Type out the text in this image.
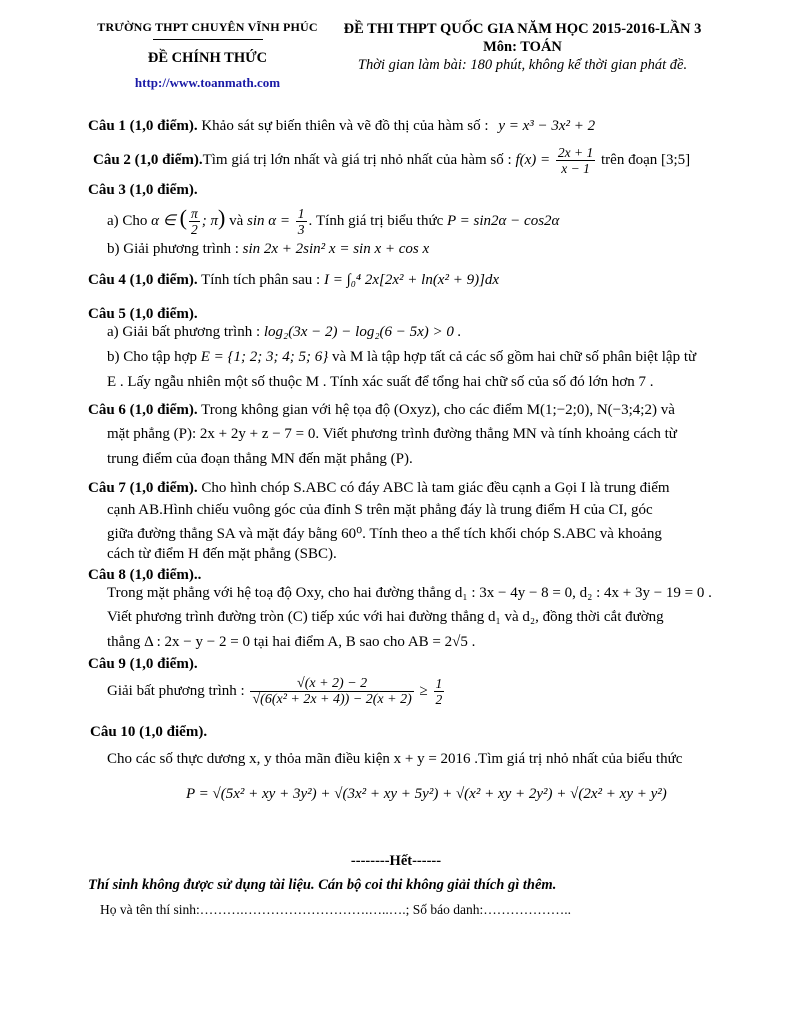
TRƯỜNG THPT CHUYÊN VĨNH PHÚC
ĐỀ CHÍNH THỨC
http://www.toanmath.com
ĐỀ THI THPT QUỐC GIA NĂM HỌC 2015-2016-LẦN 3
Môn: TOÁN
Thời gian làm bài: 180 phút, không kể thời gian phát đề.
Câu 1 (1,0 điểm). Khảo sát sự biến thiên và vẽ đồ thị của hàm số : y = x³ − 3x² + 2
Câu 2 (1,0 điểm).Tìm giá trị lớn nhất và giá trị nhỏ nhất của hàm số : $f(x) = \frac{2x + 1}{x - 1}$ trên đoạn [3;5]
Câu 3 (1,0 điểm).
a) Cho α ∈ ( $\frac{\pi}{2}$ ; π) và $\sin \alpha = \frac{1}{3}$ . Tính giá trị biểu thức P = sin2α − cos2α
b) Giải phương trình : sin 2x + 2sin² x = sin x + cos x
Câu 4 (1,0 điểm). Tính tích phân sau : I = ∫₀⁴ 2x[2x² + ln(x² + 9)]dx
Câu 5 (1,0 điểm).
a) Giải bất phương trình : log₂(3x − 2) − log₂(6 − 5x) > 0 .
b) Cho tập hợp E = {1; 2; 3; 4; 5; 6} và M là tập hợp tất cả các số gồm hai chữ số phân biệt lập từ
E . Lấy ngẫu nhiên một số thuộc M . Tính xác suất để tổng hai chữ số của số đó lớn hơn 7 .
Câu 6 (1,0 điểm). Trong không gian với hệ tọa độ (Oxyz), cho các điểm M(1;−2;0), N(−3;4;2) và
mặt phẳng (P): 2x + 2y + z − 7 = 0. Viết phương trình đường thẳng MN và tính khoảng cách từ
trung điểm của đoạn thẳng MN đến mặt phẳng (P).
Câu 7 (1,0 điểm). Cho hình chóp S.ABC có đáy ABC là tam giác đều cạnh a Gọi I là trung điểm
cạnh AB.Hình chiếu vuông góc của đỉnh S trên mặt phẳng đáy là trung điểm H của CI, góc
giữa đường thẳng SA và mặt đáy bằng 60⁰. Tính theo a thể tích khối chóp S.ABC và khoảng
cách từ điểm H đến mặt phẳng (SBC).
Câu 8 (1,0 điểm)..
Trong mặt phẳng với hệ toạ độ Oxy, cho hai đường thẳng d₁ : 3x − 4y − 8 = 0, d₂ : 4x + 3y − 19 = 0 .
Viết phương trình đường tròn (C) tiếp xúc với hai đường thẳng d₁ và d₂, đồng thời cắt đường
thẳng Δ : 2x − y − 2 = 0 tại hai điểm A, B sao cho AB = 2√5 .
Câu 9 (1,0 điểm).
Giải bất phương trình : $\frac{√(x + 2) - 2}{\text{√(6(x² + 2x + 4)) − 2(x + 2)}} \ge \frac{1}{2}$
Câu 10 (1,0 điểm).
Cho các số thực dương x, y thỏa mãn điều kiện x + y = 2016 .Tìm giá trị nhỏ nhất của biểu thức
P = √(5x² + xy + 3y²) + √(3x² + xy + 5y²) + √(x² + xy + 2y²) + √(2x² + xy + y²)
--------Hết------
Thí sinh không được sử dụng tài liệu. Cán bộ coi thi không giải thích gì thêm.
Họ và tên thí sinh:……….……………………….…..….; Số báo danh:………………..
